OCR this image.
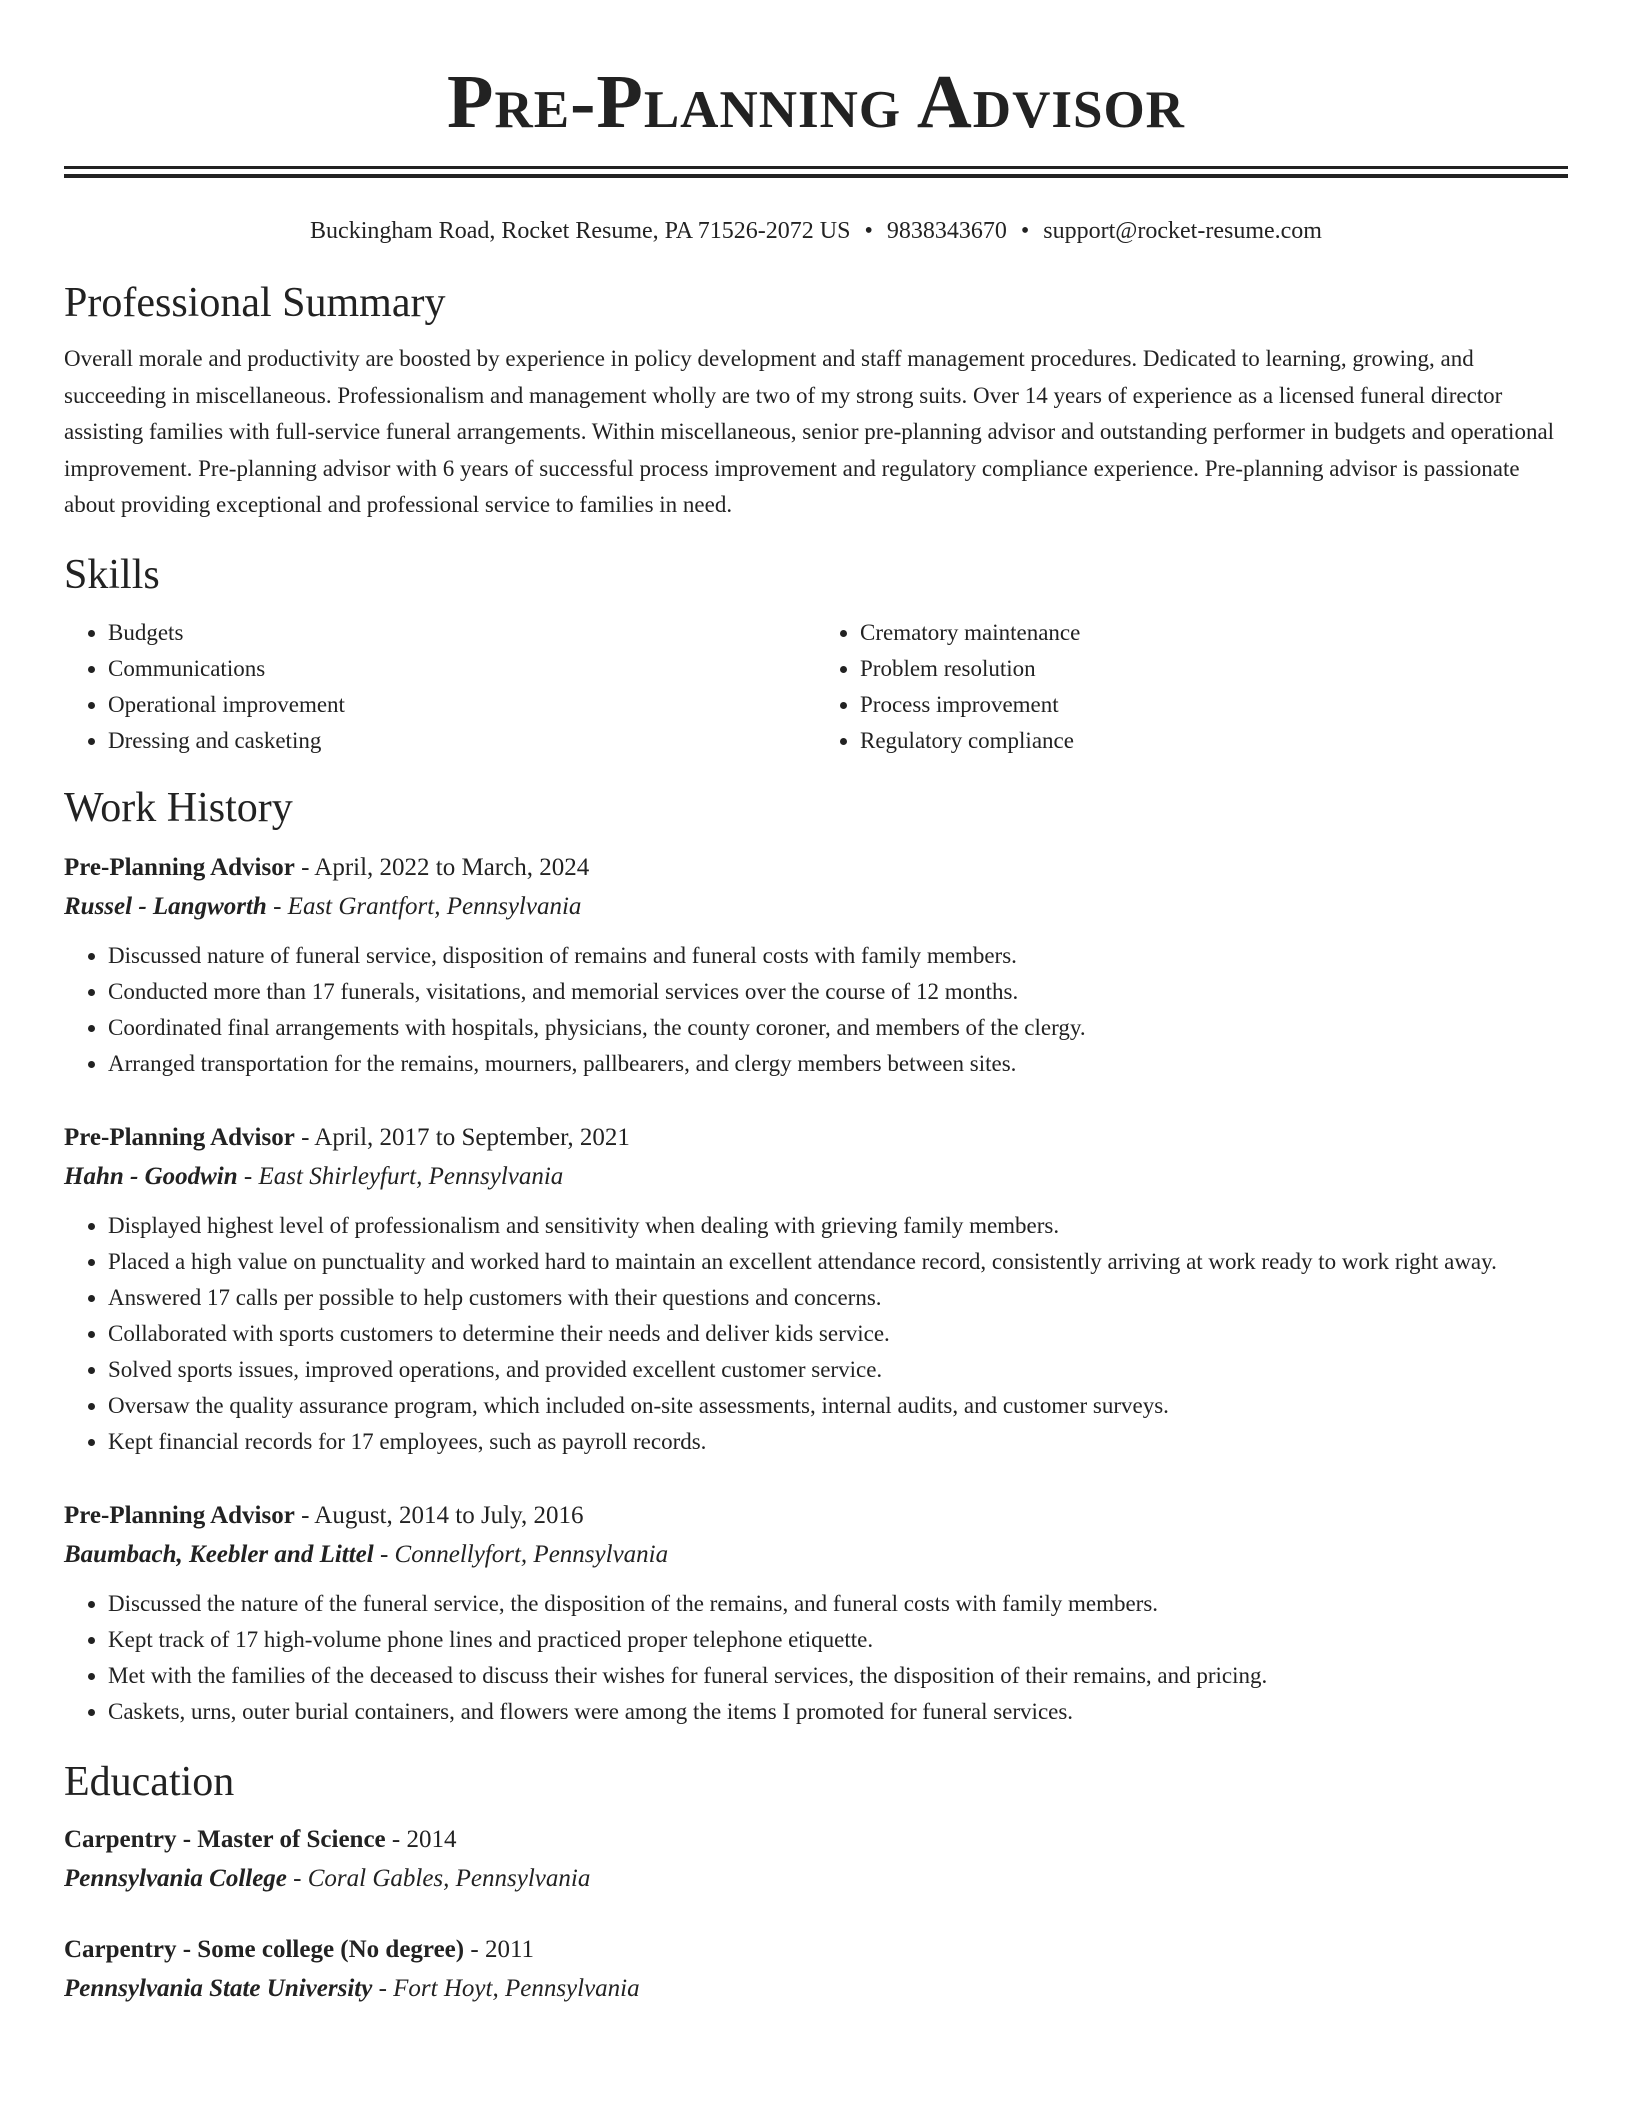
Pre-Planning Advisor
Buckingham Road, Rocket Resume, PA 71526-2072 US • 9838343670 • support@rocket-resume.com
Professional Summary

Overall morale and productivity are boosted by experience in policy development and staff management procedures. Dedicated to learning, growing, and succeeding in miscellaneous. Professionalism and management wholly are two of my strong suits. Over 14 years of experience as a licensed funeral director assisting families with full-service funeral arrangements. Within miscellaneous, senior pre-planning advisor and outstanding performer in budgets and operational improvement. Pre-planning advisor with 6 years of successful process improvement and regulatory compliance experience. Pre-planning advisor is passionate about providing exceptional and professional service to families in need.

Skills
• Budgets
• Communications
• Operational improvement
• Dressing and casketing
• Crematory maintenance
• Problem resolution
• Process improvement
• Regulatory compliance
Work History
Pre-Planning Advisor - April, 2022 to March, 2024
Russel - Langworth - East Grantfort, Pennsylvania
• Discussed nature of funeral service, disposition of remains and funeral costs with family members.
• Conducted more than 17 funerals, visitations, and memorial services over the course of 12 months.
• Coordinated final arrangements with hospitals, physicians, the county coroner, and members of the clergy.
• Arranged transportation for the remains, mourners, pallbearers, and clergy members between sites.
Pre-Planning Advisor - April, 2017 to September, 2021
Hahn - Goodwin - East Shirleyfurt, Pennsylvania
• Displayed highest level of professionalism and sensitivity when dealing with grieving family members.
• Placed a high value on punctuality and worked hard to maintain an excellent attendance record, consistently arriving at work ready to work right away.
• Answered 17 calls per possible to help customers with their questions and concerns.
• Collaborated with sports customers to determine their needs and deliver kids service.
• Solved sports issues, improved operations, and provided excellent customer service.
• Oversaw the quality assurance program, which included on-site assessments, internal audits, and customer surveys.
• Kept financial records for 17 employees, such as payroll records.
Pre-Planning Advisor - August, 2014 to July, 2016
Baumbach, Keebler and Littel - Connellyfort, Pennsylvania
• Discussed the nature of the funeral service, the disposition of the remains, and funeral costs with family members.
• Kept track of 17 high-volume phone lines and practiced proper telephone etiquette.
• Met with the families of the deceased to discuss their wishes for funeral services, the disposition of their remains, and pricing.
• Caskets, urns, outer burial containers, and flowers were among the items I promoted for funeral services.
Education
Carpentry - Master of Science - 2014
Pennsylvania College - Coral Gables, Pennsylvania
Carpentry - Some college (No degree) - 2011
Pennsylvania State University - Fort Hoyt, Pennsylvania
